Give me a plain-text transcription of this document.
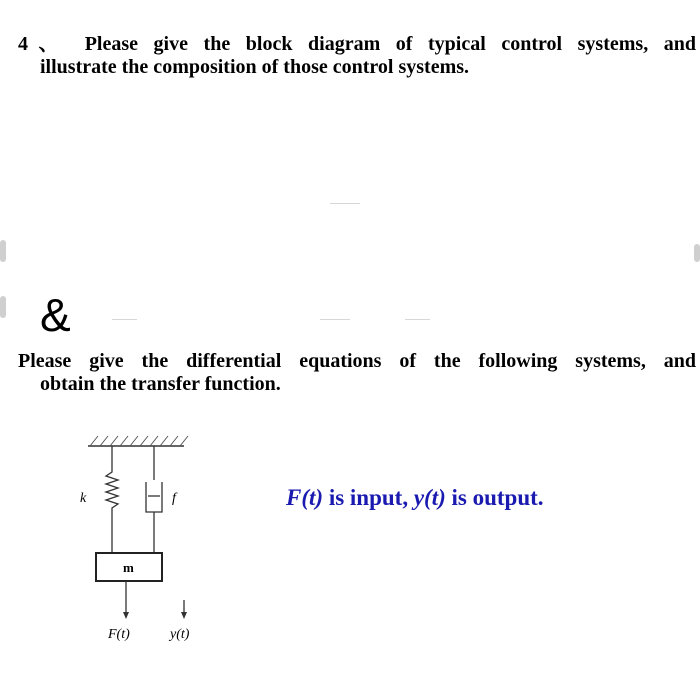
4、 Please give the block diagram of typical control systems, and
illustrate the composition of those control systems.

&

Please give the differential equations of the following systems, and
obtain the transfer function.

k	f
m
F(t)	y(t)
F(t) is input, y(t) is output.
